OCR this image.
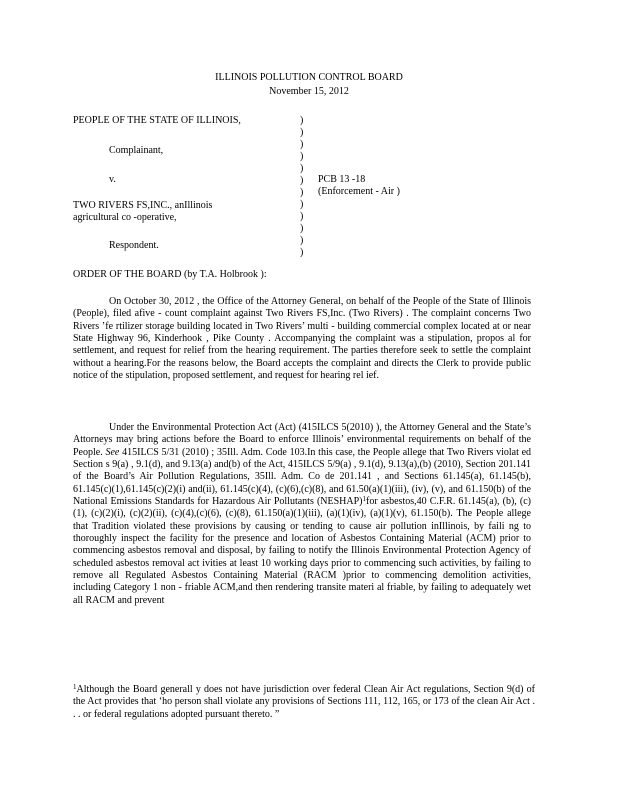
ILLINOIS POLLUTION CONTROL BOARD
November 15, 2012
PEOPLE OF THE STATE OF ILLINOIS,
Complainant,
v.	PCB 13 -18
(Enforcement - Air )
TWO RIVERS FS,INC., anIllinois
agricultural co -operative,
Respondent.
)
)
)
)
)
)
)
)
)
)
)
)
ORDER OF THE BOARD (by T.A. Holbrook ):

On October 30, 2012 , the Office of the Attorney General, on behalf of the People of the State of Illinois (People), filed afive - count complaint against Two Rivers FS,Inc. (Two Rivers) . The complaint concerns Two Rivers ’fe rtilizer storage building located in Two Rivers’ multi - building commercial complex located at or near State Highway 96, Kinderhook , Pike County . Accompanying the complaint was a stipulation, propos al for settlement, and request for relief from the hearing requirement. The parties therefore seek to settle the complaint without a hearing.For the reasons below, the Board accepts the complaint and directs the Clerk to provide public notice of the stipulation, proposed settlement, and request for hearing rel ief.

Under the Environmental Protection Act (Act) (415ILCS 5(2010) ), the Attorney General and the State’s Attorneys may bring actions before the Board to enforce Illinois’ environmental requirements on behalf of the People. See 415ILCS 5/31 (2010) ; 35Ill. Adm. Code 103.In this case, the People allege that Two Rivers violat ed Section s 9(a) , 9.1(d), and 9.13(a) and(b) of the Act, 415ILCS 5/9(a) , 9.1(d), 9.13(a),(b) (2010), Section 201.141 of the Board’s Air Pollution Regulations, 35Ill. Adm. Co de 201.141 , and Sections 61.145(a), 61.145(b), 61.145(c)(1),61.145(c)(2)(i) and(ii), 61.145(c)(4), (c)(6),(c)(8), and 61.50(a)(1)(iii), (iv), (v), and 61.150(b) of the National Emissions Standards for Hazardous Air Pollutants (NESHAP)$^1$for asbestos,40 C.F.R. 61.145(a), (b), (c)(1), (c)(2)(i), (c)(2)(ii), (c)(4),(c)(6), (c)(8), 61.150(a)(1)(iii), (a)(1)(iv), (a)(1)(v), 61.150(b). The People allege that Tradition violated these provisions by causing or tending to cause air pollution inIllinois, by faili ng to thoroughly inspect the facility for the presence and location of Asbestos Containing Material (ACM) prior to commencing asbestos removal and disposal, by failing to notify the Illinois Environmental Protection Agency of scheduled asbestos removal act ivities at least 10 working days prior to commencing such activities, by failing to remove all Regulated Asbestos Containing Material (RACM )prior to commencing demolition activities, including Category 1 non - friable ACM,and then rendering transite materi al friable, by failing to adequately wet all RACM and prevent

$^1$Although the Board generall y does not have jurisdiction over federal Clean Air Act regulations, Section 9(d) of the Act provides that ‘ho person shall violate any provisions of Sections 111, 112, 165, or 173 of the clean Air Act . . . or federal regulations adopted pursuant thereto. ”
